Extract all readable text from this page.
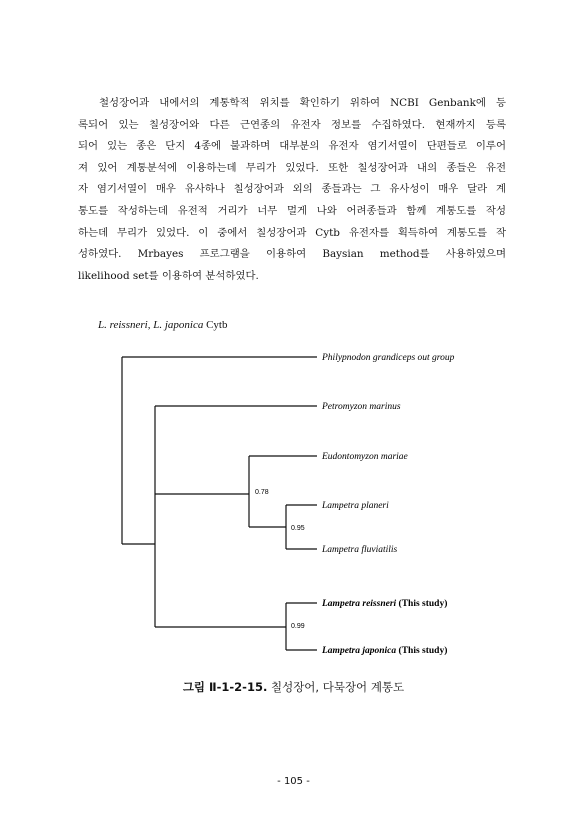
철성장어과 내에서의 계통학적 위치를 확인하기 위하여 NCBI Genbank에 등
록되어 있는 칠성장어와 다른 근연종의 유전자 정보를 수집하였다. 현재까지 등록
되어 있는 종은 단지 4종에 불과하며 대부분의 유전자 염기서열이 단편들로 이루어
져 있어 계통분석에 이용하는데 무리가 있었다. 또한 칠성장어과 내의 종들은 유전
자 염기서열이 매우 유사하나 칠성장어과 외의 종들과는 그 유사성이 매우 달라 계
통도를 작성하는데 유전적 거리가 너무 멀게 나와 어려종들과 함께 계통도를 작성
하는데 무리가 있었다. 이 중에서 칠성장어과 Cytb 유전자를 획득하여 계통도를 작
성하였다. Mrbayes 프로그램을 이용하여 Baysian method를 사용하였으며
likelihood set를 이용하여 분석하였다.
L. reissneri, L. japonica Cytb
Philypnodon grandiceps out group
Petromyzon marinus
Eudontomyzon mariae
Lampetra planeri
Lampetra fluviatilis
Lampetra reissneri (This study)
Lampetra japonica (This study)
0.78
0.95
0.99
그림 Ⅱ-1-2-15. 칠성장어, 다묵장어 계통도
- 105 -
